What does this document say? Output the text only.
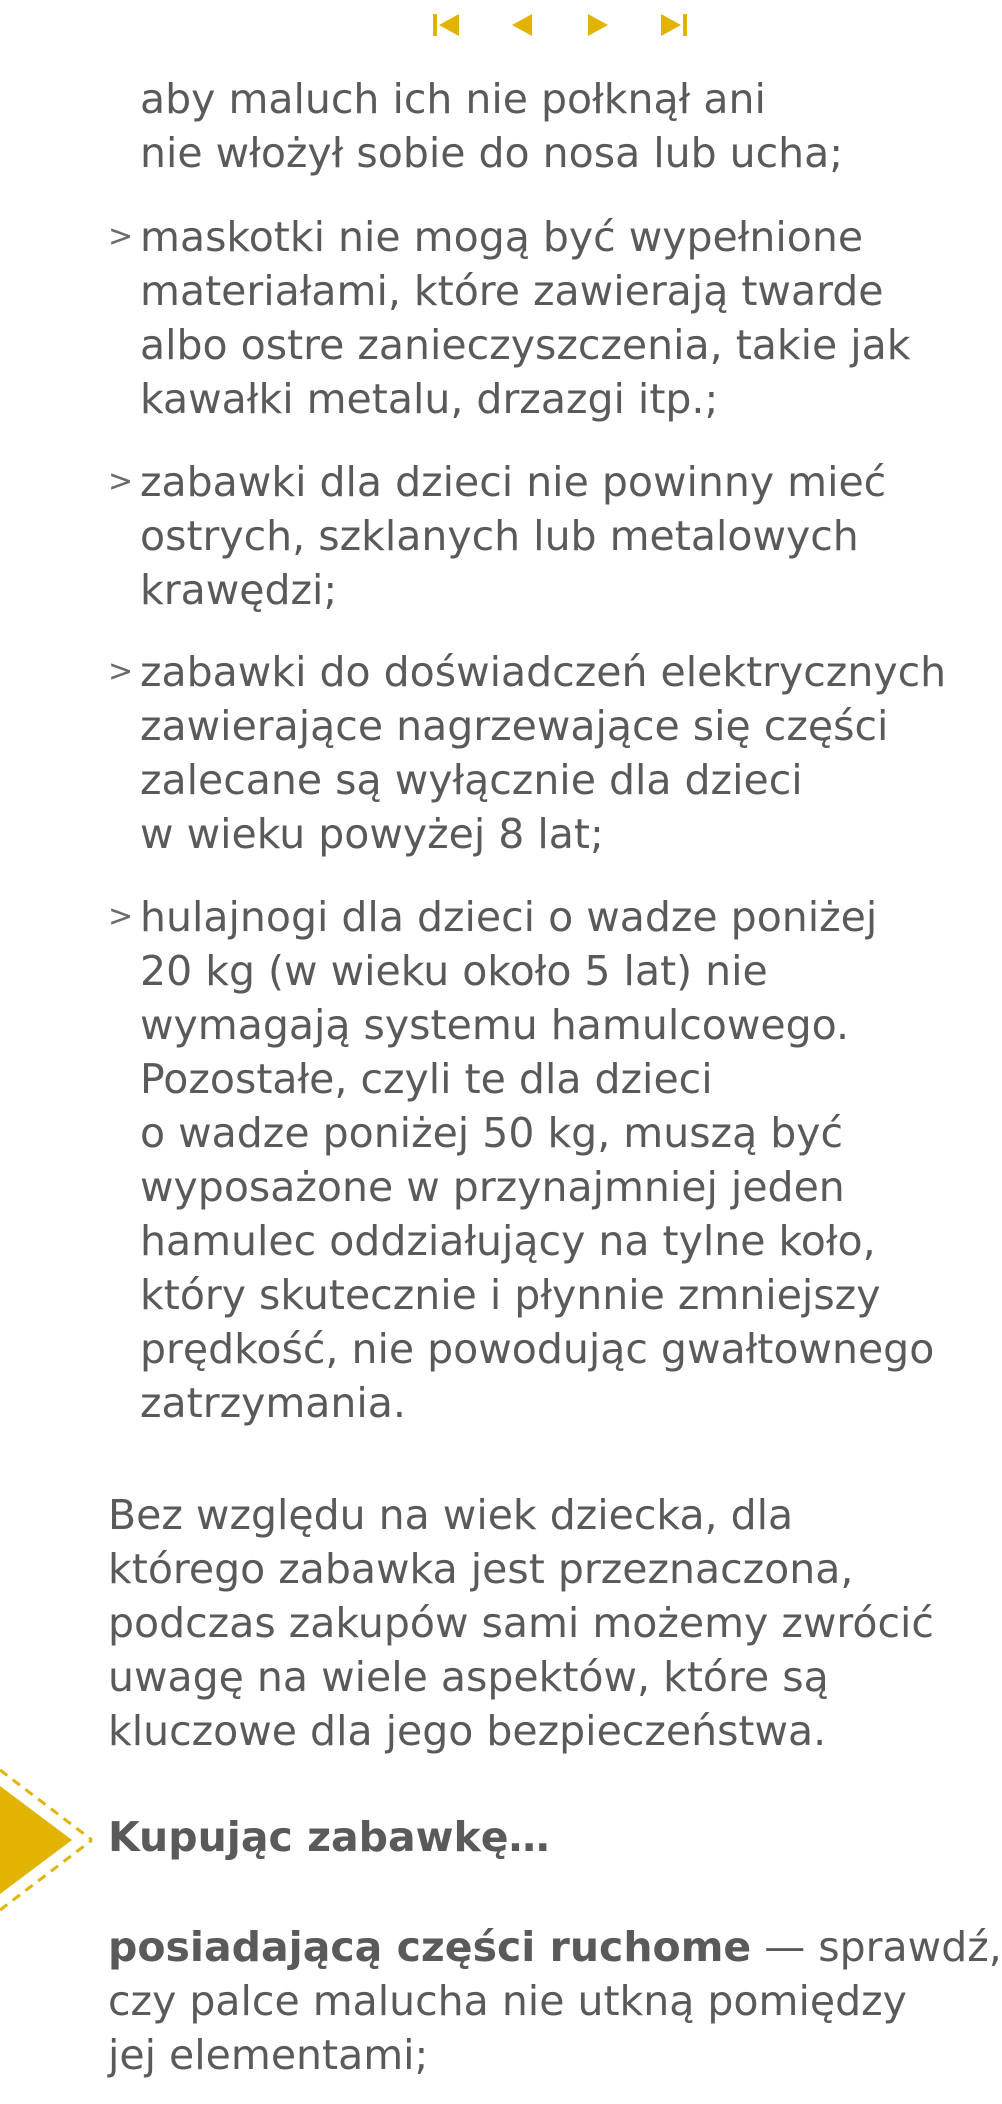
aby maluch ich nie połknął ani
nie włożył sobie do nosa lub ucha;
> maskotki nie mogą być wypełnione
materiałami, które zawierają twarde
albo ostre zanieczyszczenia, takie jak
kawałki metalu, drzazgi itp.;
> zabawki dla dzieci nie powinny mieć
ostrych, szklanych lub metalowych
krawędzi;
> zabawki do doświadczeń elektrycznych
zawierające nagrzewające się części
zalecane są wyłącznie dla dzieci
w wieku powyżej 8 lat;
> hulajnogi dla dzieci o wadze poniżej
20 kg (w wieku około 5 lat) nie
wymagają systemu hamulcowego.
Pozostałe, czyli te dla dzieci
o wadze poniżej 50 kg, muszą być
wyposażone w przynajmniej jeden
hamulec oddziałujący na tylne koło,
który skutecznie i płynnie zmniejszy
prędkość, nie powodując gwałtownego
zatrzymania.
Bez względu na wiek dziecka, dla
którego zabawka jest przeznaczona,
podczas zakupów sami możemy zwrócić
uwagę na wiele aspektów, które są
kluczowe dla jego bezpieczeństwa.
Kupując zabawkę…
posiadającą części ruchome — sprawdź,
czy palce malucha nie utkną pomiędzy
jej elementami;
